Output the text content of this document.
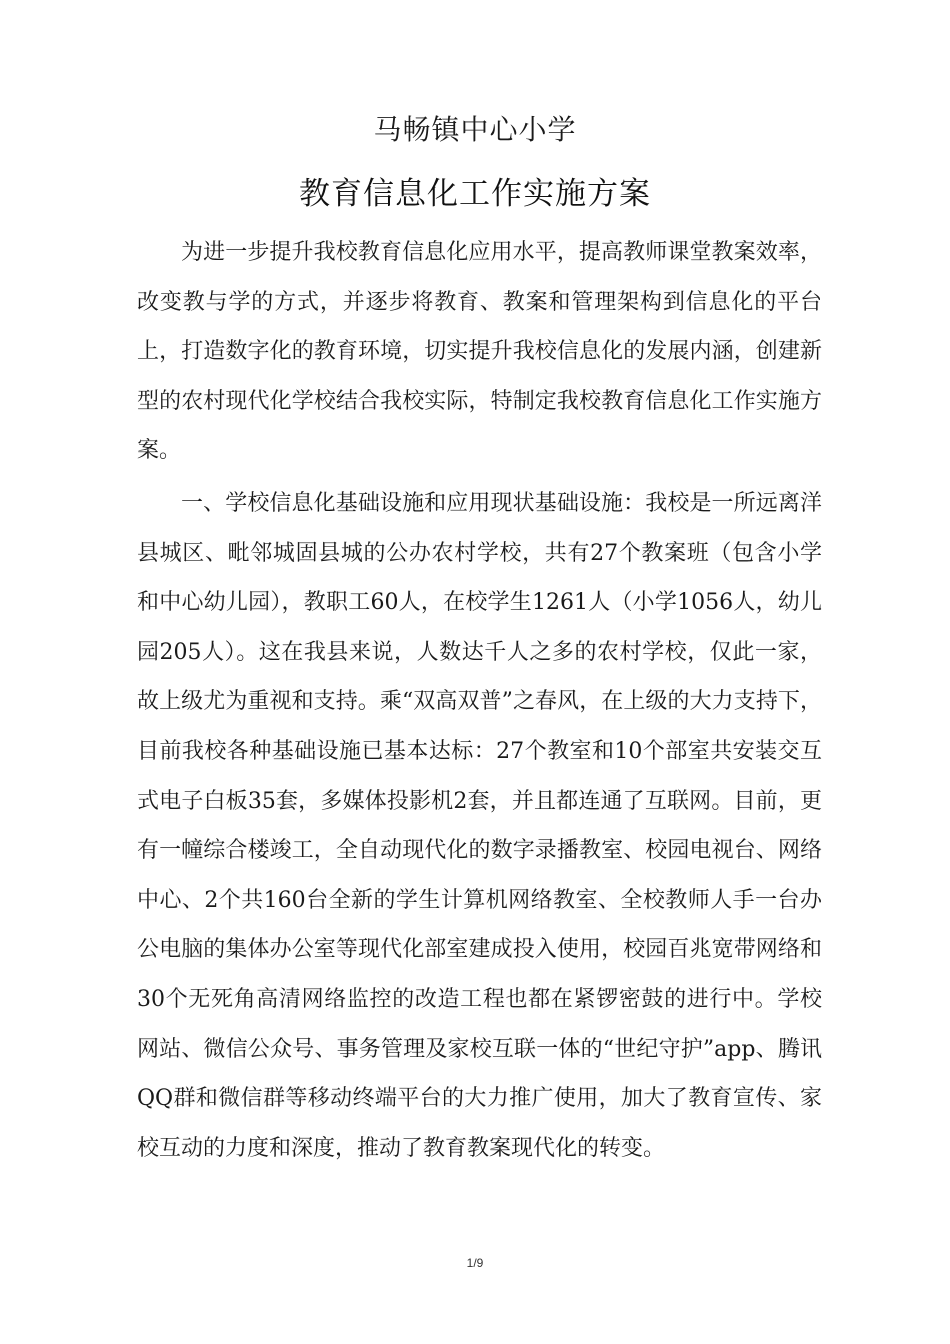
马畅镇中心小学
教育信息化工作实施方案

为进一步提升我校教育信息化应用水平，提高教师课堂教案效率，改变教与学的方式，并逐步将教育、教案和管理架构到信息化的平台上，打造数字化的教育环境，切实提升我校信息化的发展内涵，创建新型的农村现代化学校结合我校实际，特制定我校教育信息化工作实施方案。

一、学校信息化基础设施和应用现状基础设施：我校是一所远离洋县城区、毗邻城固县城的公办农村学校，共有27个教案班（包含小学和中心幼儿园），教职工60人，在校学生1261人（小学1056人，幼儿园205人）。这在我县来说，人数达千人之多的农村学校，仅此一家，故上级尤为重视和支持。乘“双高双普”之春风，在上级的大力支持下，目前我校各种基础设施已基本达标：27个教室和10个部室共安装交互式电子白板35套，多媒体投影机2套，并且都连通了互联网。目前，更有一幢综合楼竣工，全自动现代化的数字录播教室、校园电视台、网络中心、2个共160台全新的学生计算机网络教室、全校教师人手一台办公电脑的集体办公室等现代化部室建成投入使用，校园百兆宽带网络和30个无死角高清网络监控的改造工程也都在紧锣密鼓的进行中。学校网站、微信公众号、事务管理及家校互联一体的“世纪守护”app、腾讯QQ群和微信群等移动终端平台的大力推广使用，加大了教育宣传、家校互动的力度和深度，推动了教育教案现代化的转变。

1/9
